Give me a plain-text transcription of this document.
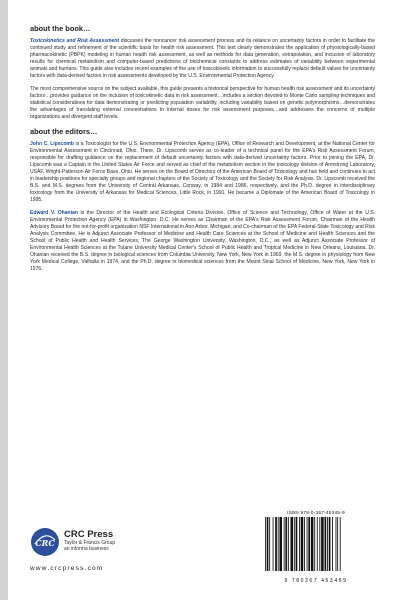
about the book…

Toxicokinetics and Risk Assessment discusses the noncancer risk assessment process and its reliance on uncertainty factors in order to facilitate the continued study and refinement of the scientific basis for health risk assessment. This text clearly demonstrates the application of physiologically-based pharmacokinetic (PBPK) modeling in human health risk assessment, as well as methods for data generation, extrapolation, and inclusion of laboratory results for chemical metabolism and computer-based predictions of biochemical constants to address estimates of variability between experimental animals and humans. This guide also includes recent examples of the use of toxicokinetic information to successfully replace default values for uncertainty factors with data-derived factors in risk assessments developed by the U.S. Environmental Protection Agency.

The most comprehensive source on the subject available, this guide presents a historical perspective for human health risk assessment and its uncertainty factors…provides guidance on the inclusion of toxicokinetic data in risk assessment…includes a section devoted to Monte Carlo sampling techniques and statistical considerations for data demonstrating or predicting population variability, including variability based on genetic polymorphisms…demonstrates the advantages of translating external concentrations to internal doses for risk assessment purposes…and addresses the concerns of multiple organizations and divergent staff levels.

about the editors…

John C. Lipscomb is a Toxicologist for the U.S. Environmental Protection Agency (EPA), Office of Research and Development, at the National Center for Environmental Assessment in Cincinnati, Ohio. There, Dr. Lipscomb serves as co-leader of a technical panel for the EPA's Risk Assessment Forum, responsible for drafting guidance on the replacement of default uncertainty factors with data-derived uncertainty factors. Prior to joining the EPA, Dr. Lipscomb was a Captain in the United States Air Force and served as chief of the metabolism section in the toxicology division of Armstrong Laboratory, USAF, Wright-Patterson Air Force Base, Ohio. He serves on the Board of Directors of the American Board of Toxicology and has held and continues to act in leadership positions for specialty groups and regional chapters of the Society of Toxicology and the Society for Risk Analysis. Dr. Lipscomb received the B.S. and M.S. degrees from the University of Central Arkansas, Conway, in 1984 and 1986, respectively, and the Ph.D. degree in interdisciplinary toxicology from the University of Arkansas for Medical Sciences, Little Rock, in 1991. He became a Diplomate of the American Board of Toxicology in 1995.

Edward V. Ohanian is the Director of the Health and Ecological Criteria Division, Office of Science and Technology, Office of Water at the U.S. Environmental Protection Agency (EPA) in Washington, D.C. He serves as Chairman of the EPA's Risk Assessment Forum, Chairman of the Health Advisory Board for the not-for-profit organization NSF International in Ann Arbor, Michigan, and Co-chairman of the EPA Federal-State Toxicology and Risk Analysis Committee. He is Adjunct Associate Professor of Medicine and Health Care Sciences at the School of Medicine and Health Sciences and the School of Public Health and Health Services, The George Washington University, Washington, D.C., as well as Adjunct Associate Professor of Environmental Health Sciences at the Tulane University Medical Center's School of Public Health and Tropical Medicine in New Orleans, Louisiana. Dr. Ohanian received the B.S. degree in biological sciences from Columbia University, New York, New York in 1969, the M.S. degree in physiology from New York Medical College, Valhalla in 1974, and the Ph.D. degree in biomedical sciences from the Mount Sinai School of Medicine, New York, New York in 1976.

CRC
CRC Press
Taylor & Francis Group
an informa business
www.crcpress.com
ISBN 978-0-367-45345-9
9 780367 453459
